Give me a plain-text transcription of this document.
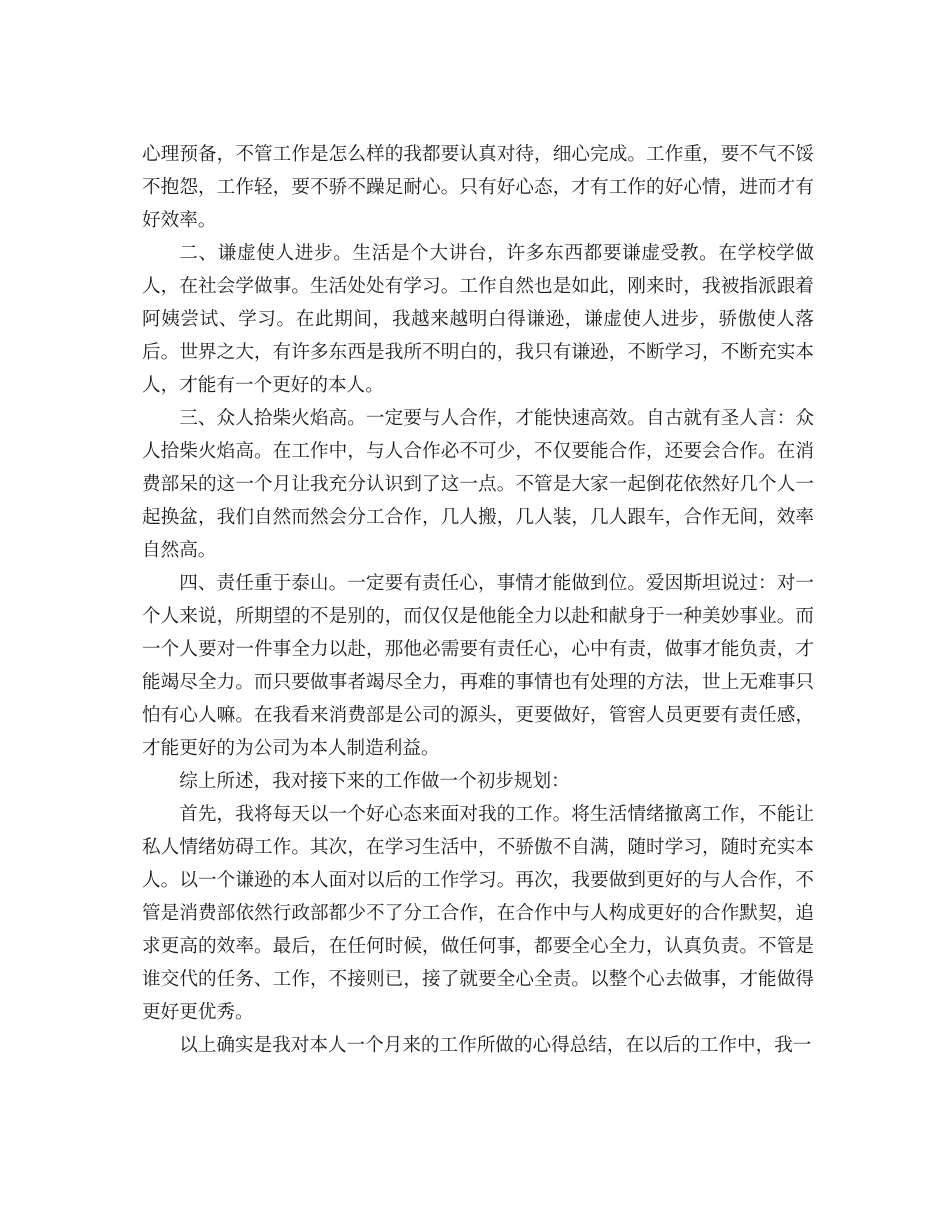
心理预备，不管工作是怎么样的我都要认真对待，细心完成。工作重，要不气不馁不抱怨，工作轻，要不骄不躁足耐心。只有好心态，才有工作的好心情，进而才有好效率。

二、谦虚使人进步。生活是个大讲台，许多东西都要谦虚受教。在学校学做人，在社会学做事。生活处处有学习。工作自然也是如此，刚来时，我被指派跟着阿姨尝试、学习。在此期间，我越来越明白得谦逊，谦虚使人进步，骄傲使人落后。世界之大，有许多东西是我所不明白的，我只有谦逊，不断学习，不断充实本人，才能有一个更好的本人。

三、众人拾柴火焰高。一定要与人合作，才能快速高效。自古就有圣人言：众人拾柴火焰高。在工作中，与人合作必不可少，不仅要能合作，还要会合作。在消费部呆的这一个月让我充分认识到了这一点。不管是大家一起倒花依然好几个人一起换盆，我们自然而然会分工合作，几人搬，几人装，几人跟车，合作无间，效率自然高。

四、责任重于泰山。一定要有责任心，事情才能做到位。爱因斯坦说过：对一个人来说，所期望的不是别的，而仅仅是他能全力以赴和献身于一种美妙事业。而一个人要对一件事全力以赴，那他必需要有责任心，心中有责，做事才能负责，才能竭尽全力。而只要做事者竭尽全力，再难的事情也有处理的方法，世上无难事只怕有心人嘛。在我看来消费部是公司的源头，更要做好，管窖人员更要有责任感，才能更好的为公司为本人制造利益。

综上所述，我对接下来的工作做一个初步规划：

首先，我将每天以一个好心态来面对我的工作。将生活情绪撤离工作，不能让私人情绪妨碍工作。其次，在学习生活中，不骄傲不自满，随时学习，随时充实本人。以一个谦逊的本人面对以后的工作学习。再次，我要做到更好的与人合作，不管是消费部依然行政部都少不了分工合作，在合作中与人构成更好的合作默契，追求更高的效率。最后，在任何时候，做任何事，都要全心全力，认真负责。不管是谁交代的任务、工作，不接则已，接了就要全心全责。以整个心去做事，才能做得更好更优秀。

以上确实是我对本人一个月来的工作所做的心得总结，在以后的工作中，我一
